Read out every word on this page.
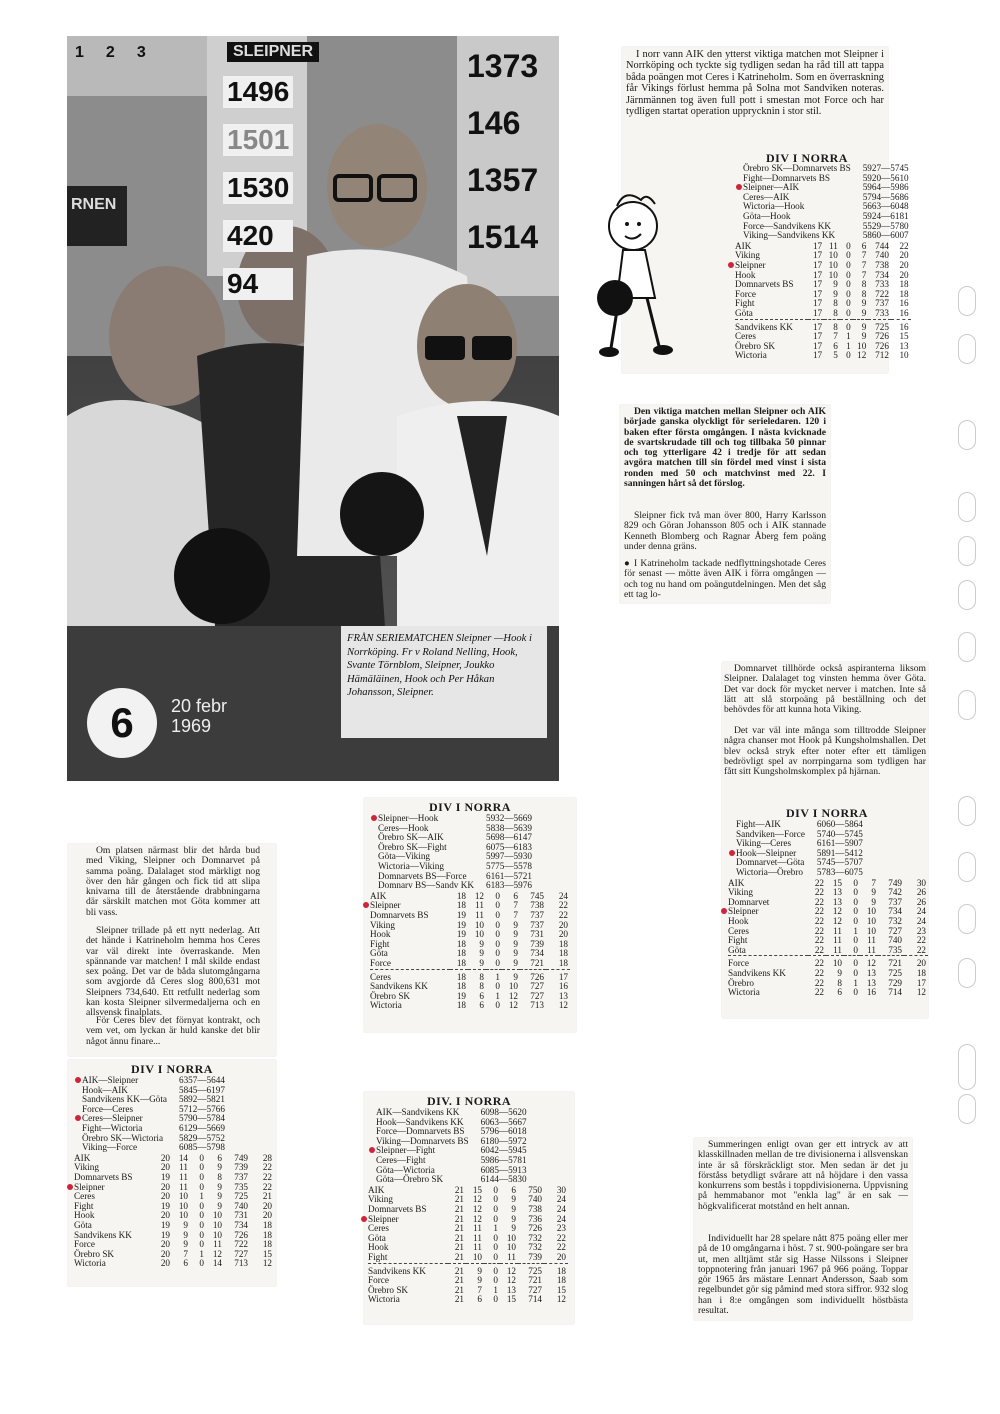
1 2 3	SLEIPNER
RNEN
1496
1501
1530
420
94
1373
146
1357
1514
FRÅN SERIEMATCHEN Sleipner —Hook i Norrköping. Fr v Roland Nelling, Hook, Svante Törnblom, Sleipner, Joukko Hämäläinen, Hook och Per Håkan Johansson, Sleipner.
6 20 febr
1969
I norr vann AIK den ytterst viktiga matchen mot Sleipner i Norrköping och tyckte sig tydligen sedan ha råd till att tappa båda poängen mot Ceres i Katrineholm. Som en överraskning får Vikings förlust hemma på Solna mot Sandviken noteras. Järnmännen tog även full pott i smestan mot Force och har tydligen startat operation upprycknin i stor stil.
DIV I NORRA
Örebro SK—Domnarvets BS	5927—5745
Fight—Domnarvets BS	5920—5610
Sleipner—AIK	5964—5986
Ceres—AIK	5794—5686
Wictoria—Hook	5663—6048
Göta—Hook	5924—6181
Force—Sandvikens KK	5529—5780
Viking—Sandvikens KK	5860—6007
AIK	17	11	0	6	744	22
Viking	17	10	0	7	740	20
Sleipner	17	10	0	7	738	20
Hook	17	10	0	7	734	20
Domnarvets BS	17	9	0	8	733	18
Force	17	9	0	8	722	18
Fight	17	8	0	9	737	16
Göta	17	8	0	9	733	16

Sandvikens KK	17	8	0	9	725	16
Ceres	17	7	1	9	726	15
Örebro SK	17	6	1	10	726	13
Wictoria	17	5	0	12	712	10
Den viktiga matchen mellan Sleipner och AIK började ganska olyckligt för serieledaren. 120 i baken efter första omgången. I nästa kvicknade de svartskrudade till och tog tillbaka 50 pinnar och tog ytterligare 42 i tredje för att sedan avgöra matchen till sin fördel med vinst i sista ronden med 50 och matchvinst med 22. I sanningen hårt så det förslog.
Sleipner fick två man över 800, Harry Karlsson 829 och Göran Johansson 805 och i AIK stannade Kenneth Blomberg och Ragnar Åberg fem poäng under denna gräns.
● I Katrineholm tackade nedflyttningshotade Ceres för senast — mötte även AIK i förra omgången — och tog nu hand om poängutdelningen. Men det såg ett tag lo-
Domnarvet tillhörde också aspiranterna liksom Sleipner. Dalalaget tog vinsten hemma över Göta. Det var dock för mycket nerver i matchen. Inte så lätt att slå storpoäng på beställning och det behövdes för att kunna hota Viking.
Det var väl inte många som tilltrodde Sleipner några chanser mot Hook på Kungsholmshallen. Det blev också stryk efter noter efter ett tämligen bedrövligt spel av norrpingarna som tydligen har fått sitt Kungsholmskomplex på hjärnan.
DIV I NORRA
Fight—AIK	6060—5864
Sandviken—Force	5740—5745
Viking—Ceres	6161—5907
Hook—Sleipner	5891—5412
Domnarvet—Göta	5745—5707
Wictoria—Örebro	5783—6075
AIK	22	15	0	7	749	30
Viking	22	13	0	9	742	26
Domnarvet	22	13	0	9	737	26
Sleipner	22	12	0	10	734	24
Hook	22	12	0	10	732	24
Ceres	22	11	1	10	727	23
Fight	22	11	0	11	740	22
Göta	22	11	0	11	735	22

Force	22	10	0	12	721	20
Sandvikens KK	22	9	0	13	725	18
Örebro	22	8	1	13	729	17
Wictoria	22	6	0	16	714	12
DIV I NORRA
Sleipner—Hook	5932—5669
Ceres—Hook	5838—5639
Örebro SK—AIK	5698—6147
Örebro SK—Fight	6075—6183
Göta—Viking	5997—5930
Wictoria—Viking	5775—5578
Domnarvets BS—Force	6161—5721
Domnarv BS—Sandv KK	6183—5976
AIK	18	12	0	6	745	24
Sleipner	18	11	0	7	738	22
Domnarvets BS	19	11	0	7	737	22
Viking	19	10	0	9	737	20
Hook	19	10	0	9	731	20
Fight	18	9	0	9	739	18
Göta	18	9	0	9	734	18
Force	18	9	0	9	721	18

Ceres	18	8	1	9	726	17
Sandvikens KK	18	8	0	10	727	16
Örebro SK	19	6	1	12	727	13
Wictoria	18	6	0	12	713	12
DIV. I NORRA
AIK—Sandvikens KK	6098—5620
Hook—Sandvikens KK	6063—5667
Force—Domnarvets BS	5796—6018
Viking—Domnarvets BS	6180—5972
Sleipner—Fight	6042—5945
Ceres—Fight	5986—5781
Göta—Wictoria	6085—5913
Göta—Örebro SK	6144—5830
AIK	21	15	0	6	750	30
Viking	21	12	0	9	740	24
Domnarvets BS	21	12	0	9	738	24
Sleipner	21	12	0	9	736	24
Ceres	21	11	1	9	726	23
Göta	21	11	0	10	732	22
Hook	21	11	0	10	732	22
Fight	21	10	0	11	739	20

Sandvikens KK	21	9	0	12	725	18
Force	21	9	0	12	721	18
Örebro SK	21	7	1	13	727	15
Wictoria	21	6	0	15	714	12
Om platsen närmast blir det hårda bud med Viking, Sleipner och Domnarvet på samma poäng. Dalalaget stod märkligt nog över den här gången och fick tid att slipa knivarna till de återstående drabbningarna där särskilt matchen mot Göta kommer att bli vass.
Sleipner trillade på ett nytt nederlag. Att det hände i Katrineholm hemma hos Ceres var väl direkt inte överraskande. Men spännande var matchen! I mål skilde endast sex poäng. Det var de båda slutomgångarna som avgjorde då Ceres slog 800,631 mot Sleipners 734,640. Ett retfullt nederlag som kan kosta Sleipner silvermedaljerna och en allsvensk finalplats.
För Ceres blev det förnyat kontrakt, och vem vet, om lyckan är huld kanske det blir något ännu finare...
DIV I NORRA
AIK—Sleipner	6357—5644
Hook—AIK	5845—6197
Sandvikens KK—Göta	5892—5821
Force—Ceres	5712—5766
Ceres—Sleipner	5790—5784
Fight—Wictoria	6129—5669
Örebro SK—Wictoria	5829—5752
Viking—Force	6085—5798
AIK	20	14	0	6	749	28
Viking	20	11	0	9	739	22
Domnarvets BS	19	11	0	8	737	22
Sleipner	20	11	0	9	735	22
Ceres	20	10	1	9	725	21
Fight	19	10	0	9	740	20
Hook	20	10	0	10	731	20
Göta	19	9	0	10	734	18
Sandvikens KK	19	9	0	10	726	18
Force	20	9	0	11	722	18
Örebro SK	20	7	1	12	727	15
Wictoria	20	6	0	14	713	12
Summeringen enligt ovan ger ett intryck av att klasskillnaden mellan de tre divisionerna i allsvenskan inte är så förskräckligt stor. Men sedan är det ju förståss betydligt svårare att nå höjdare i den vassa konkurrens som bestås i toppdivisionerna. Uppvisning på hemmabanor mot "enkla lag" är en sak — högkvalificerat motstånd en helt annan.
Individuellt har 28 spelare nått 875 poäng eller mer på de 10 omgångarna i höst. 7 st. 900-poängare ser bra ut, men alltjämt står sig Hasse Nilssons i Sleipner toppnotering från januari 1967 på 966 poäng. Toppar gör 1965 års mästare Lennart Andersson, Saab som regelbundet gör sig påmind med stora siffror. 932 slog han i 8:e omgången som individuellt höstbästa resultat.
